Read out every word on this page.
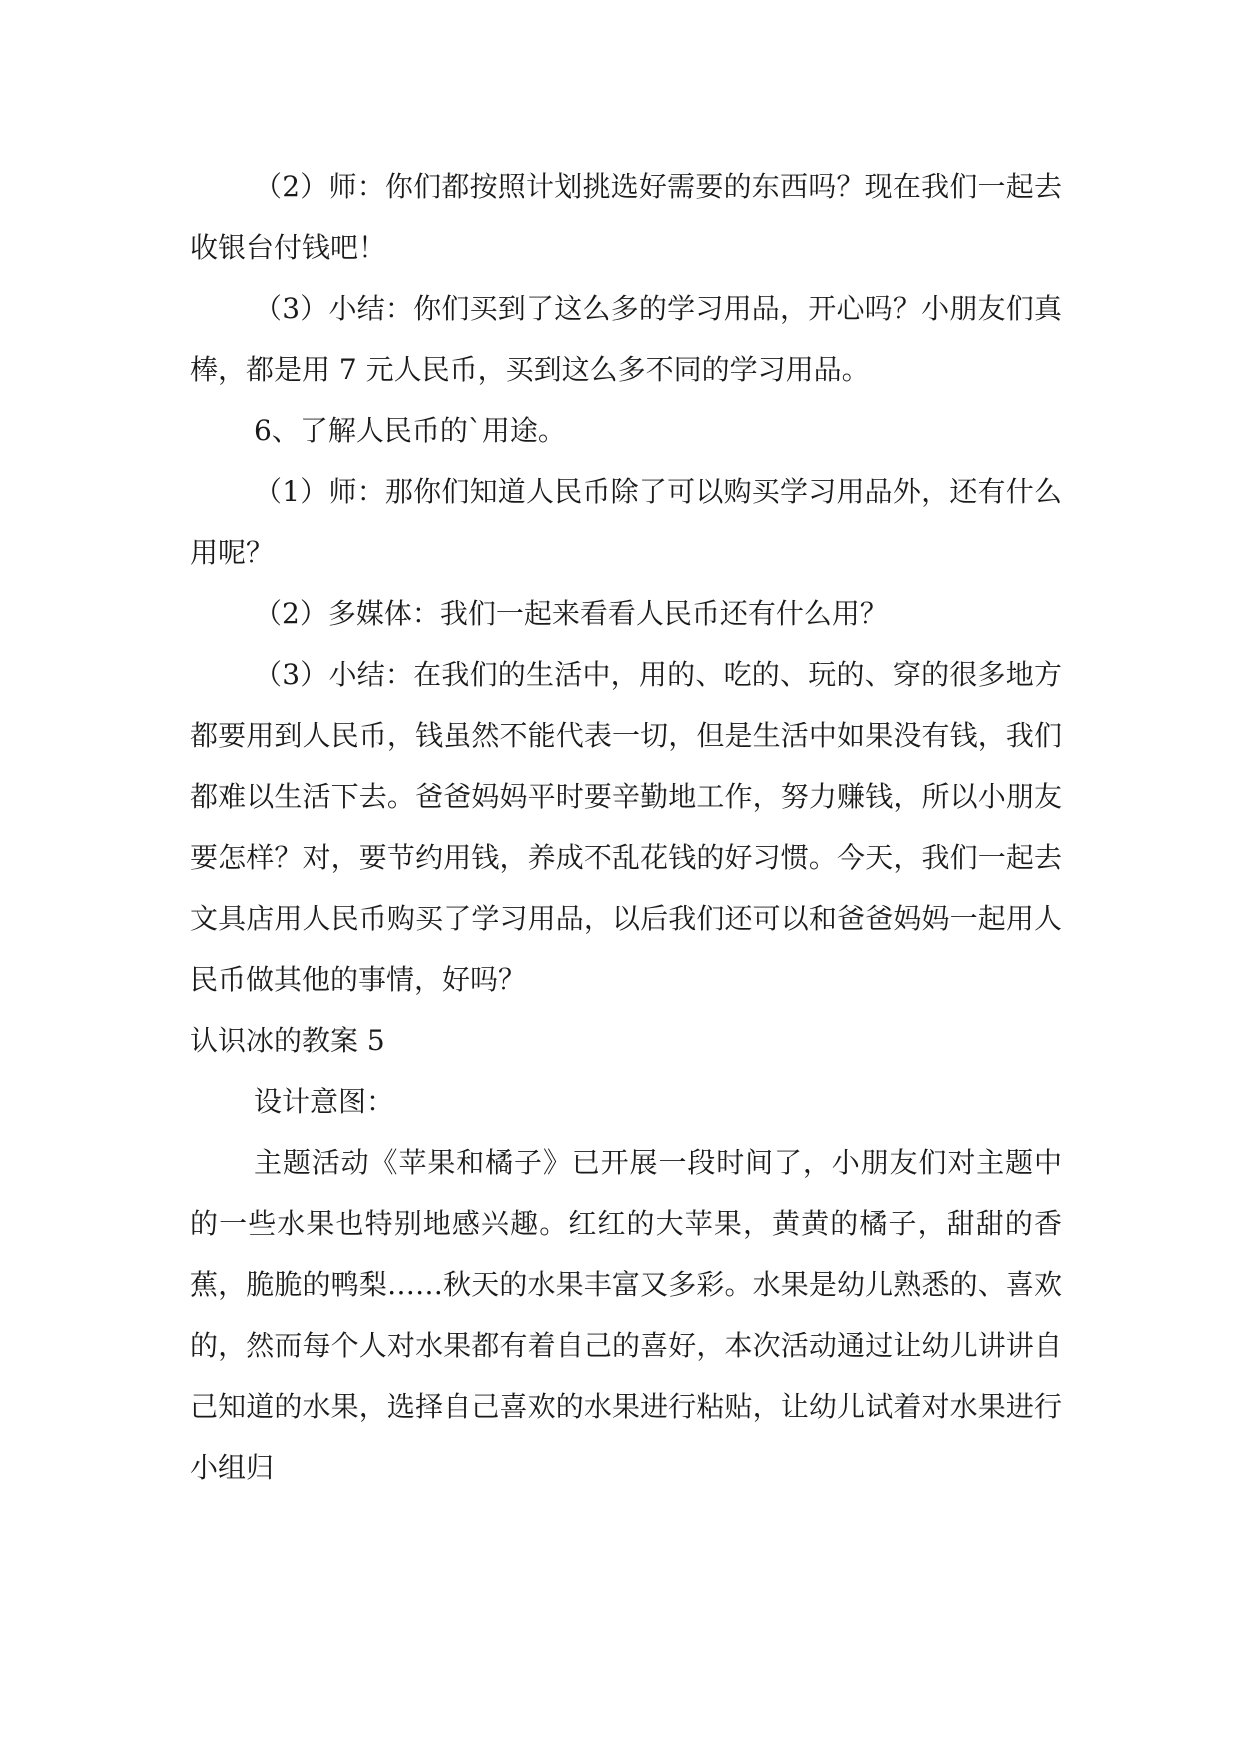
（2）师：你们都按照计划挑选好需要的东西吗？现在我们一起去收银台付钱吧！

（3）小结：你们买到了这么多的学习用品，开心吗？小朋友们真棒，都是用 7 元人民币，买到这么多不同的学习用品。

6、了解人民币的`用途。

（1）师：那你们知道人民币除了可以购买学习用品外，还有什么用呢？

（2）多媒体：我们一起来看看人民币还有什么用？

（3）小结：在我们的生活中，用的、吃的、玩的、穿的很多地方都要用到人民币，钱虽然不能代表一切，但是生活中如果没有钱，我们都难以生活下去。爸爸妈妈平时要辛勤地工作，努力赚钱，所以小朋友要怎样？对，要节约用钱，养成不乱花钱的好习惯。今天，我们一起去文具店用人民币购买了学习用品，以后我们还可以和爸爸妈妈一起用人民币做其他的事情，好吗？

认识冰的教案 5

设计意图：

主题活动《苹果和橘子》已开展一段时间了，小朋友们对主题中的一些水果也特别地感兴趣。红红的大苹果，黄黄的橘子，甜甜的香蕉，脆脆的鸭梨……秋天的水果丰富又多彩。水果是幼儿熟悉的、喜欢的，然而每个人对水果都有着自己的喜好，本次活动通过让幼儿讲讲自己知道的水果，选择自己喜欢的水果进行粘贴，让幼儿试着对水果进行小组归
